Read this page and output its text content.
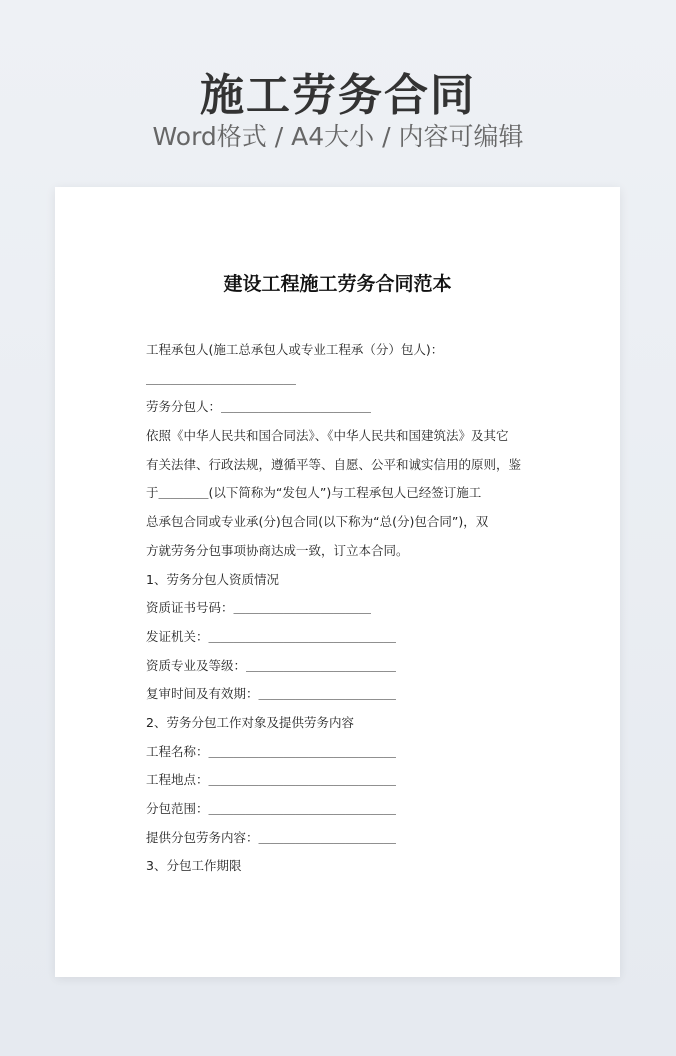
施工劳务合同
Word格式 / A4大小 / 内容可编辑
建设工程施工劳务合同范本
工程承包人(施工总承包人或专业工程承（分）包人)：
＿＿＿＿＿＿＿＿＿＿＿＿
劳务分包人：＿＿＿＿＿＿＿＿＿＿＿＿
依照《中华人民共和国合同法》、《中华人民共和国建筑法》及其它
有关法律、行政法规，遵循平等、自愿、公平和诚实信用的原则，鉴
于＿＿＿＿(以下简称为“发包人”)与工程承包人已经签订施工
总承包合同或专业承(分)包合同(以下称为“总(分)包合同”)，双
方就劳务分包事项协商达成一致，订立本合同。
1、劳务分包人资质情况
资质证书号码：＿＿＿＿＿＿＿＿＿＿＿
发证机关：＿＿＿＿＿＿＿＿＿＿＿＿＿＿＿
资质专业及等级：＿＿＿＿＿＿＿＿＿＿＿＿
复审时间及有效期：＿＿＿＿＿＿＿＿＿＿＿
2、劳务分包工作对象及提供劳务内容
工程名称：＿＿＿＿＿＿＿＿＿＿＿＿＿＿＿
工程地点：＿＿＿＿＿＿＿＿＿＿＿＿＿＿＿
分包范围：＿＿＿＿＿＿＿＿＿＿＿＿＿＿＿
提供分包劳务内容：＿＿＿＿＿＿＿＿＿＿＿
3、分包工作期限
